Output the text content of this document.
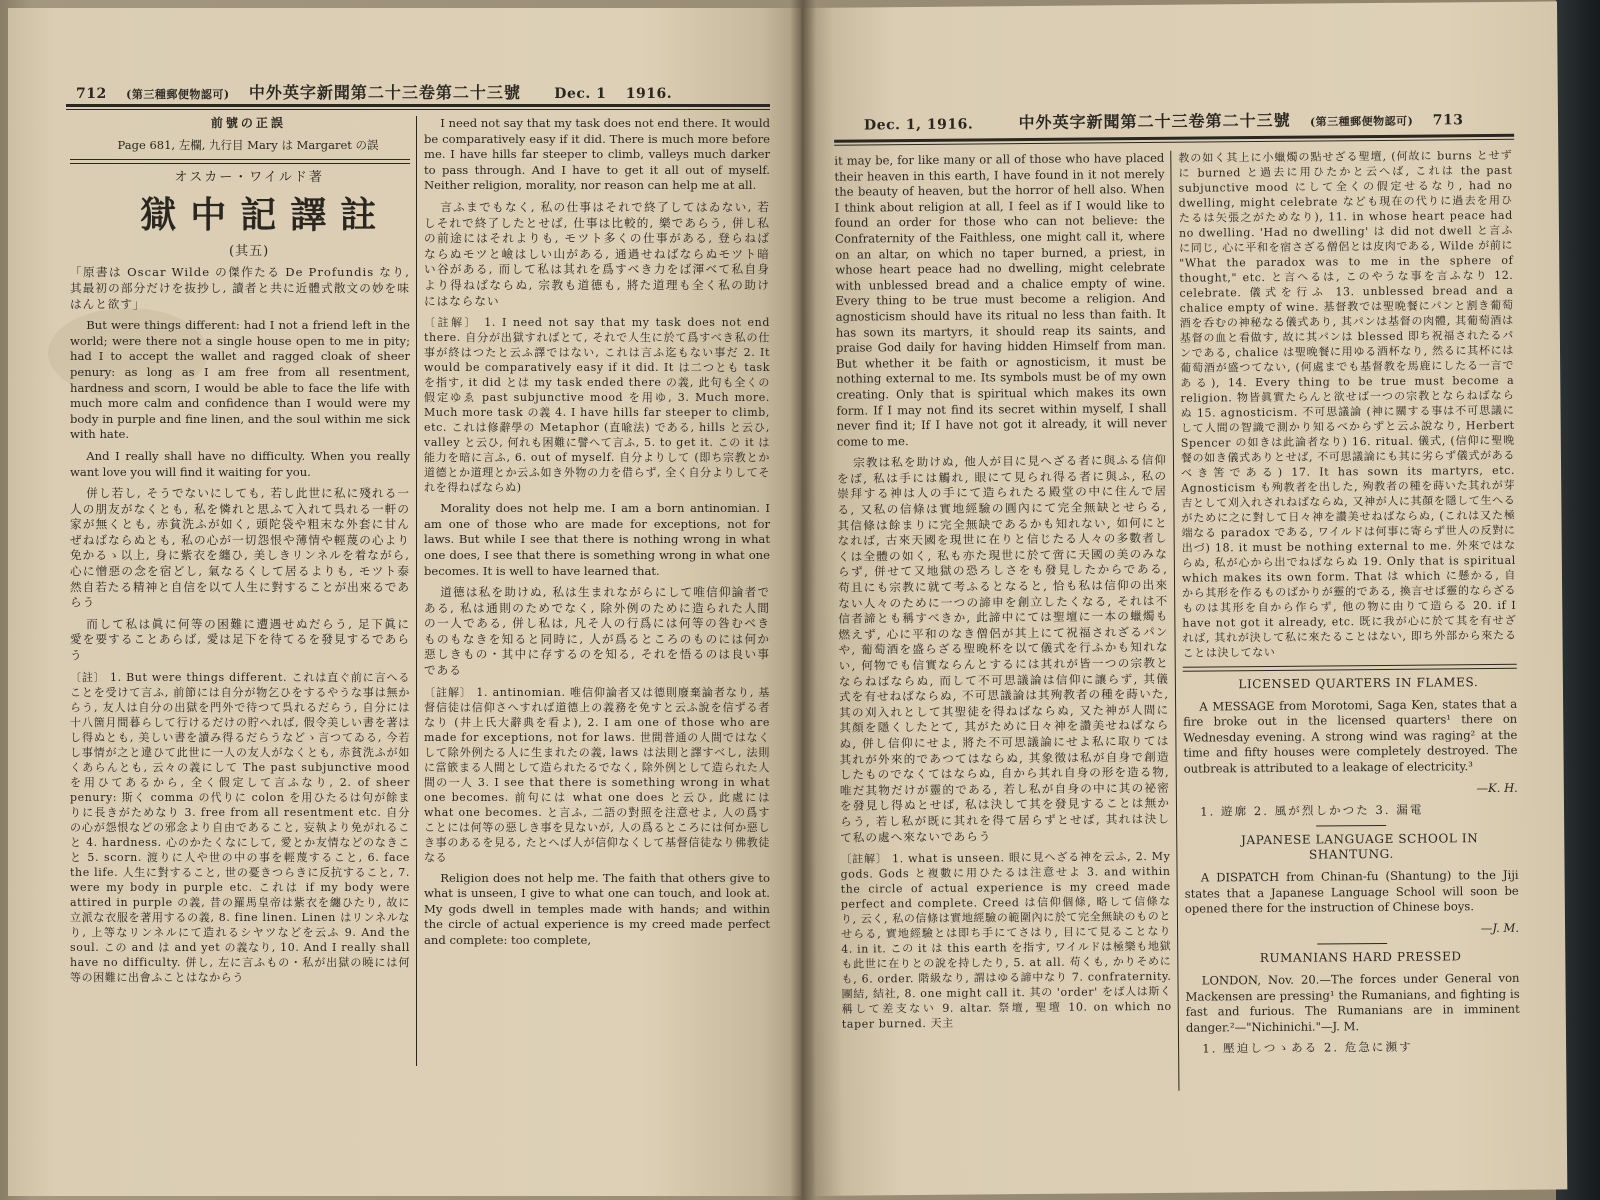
712 (第三種郵便物認可) 中外英字新聞第二十三卷第二十三號 Dec. 1 1916.

前號の正誤

Page 681, 左欄, 九行目 Mary は Margaret の誤

オスカー・ワイルド著

獄中記譯註

(其五)

「原書は Oscar Wilde の傑作たる De Profundis なり, 其最初の部分だけを抜抄し, 讀者と共に近體式散文の妙を味はんと欲す」

But were things different: had I not a friend left in the world; were there not a single house open to me in pity; had I to accept the wallet and ragged cloak of sheer penury: as long as I am free from all resentment, hardness and scorn, I would be able to face the life with much more calm and confidence than I would were my body in purple and fine linen, and the soul within me sick with hate.

And I really shall have no difficulty. When you really want love you will find it waiting for you.

併し若し, そうでないにしても, 若し此世に私に殘れる一人の朋友がなくとも, 私を憐れと思ふて入れて呉れる一軒の家が無くとも, 赤貧洗ふが如く, 頭陀袋や粗末な外套に甘んぜねばならぬとも, 私の心が一切怨恨や薄情や輕蔑の心より免かるゝ以上, 身に紫衣を纏ひ, 美しきリンネルを着ながら, 心に憎惡の念を宿どし, 氣なるくして居るよりも, モツト泰然自若たる精神と自信を以て人生に對することが出來るであらう

而して私は眞に何等の困難に遭遇せぬだらう, 足下眞に愛を要することあらば, 愛は足下を待てるを發見するであらう

〔註〕 1. But were things different. これは直ぐ前に言へることを受けて言ふ, 前節には自分が物乞ひをするやうな事は無からう, 友人は自分の出獄を門外で待つて呉れるだらう, 自分には十八箇月間暮らして行けるだけの貯へれば, 假令美しい書を著はし得ぬとも, 美しい書を讀み得るだらうなどゝ言つてゐる, 今若し事情が之と違ひて此世に一人の友人がなくとも, 赤貧洗ふが如くあらんとも, 云々の義にして The past subjunctive mood を用ひてあるから, 全く假定して言ふなり, 2. of sheer penury: 斯く comma の代りに colon を用ひたるは句が餘まりに長きがためなり 3. free from all resentment etc. 自分の心が怨恨などの邪念より自由であること, 妄執より免がれること 4. hardness. 心のかたくなにして, 愛とか友情などのなきこと 5. scorn. 渡りに人や世の中の事を輕蔑すること, 6. face the life. 人生に對すること, 世の憂きつらきに反抗すること, 7. were my body in purple etc. これは if my body were attired in purple の義, 昔の羅馬皇帝は紫衣を纏ひたり, 故に立派な衣服を著用するの義, 8. fine linen. Linen はリンネルなり, 上等なリンネルにて造れるシヤツなどを云ふ 9. And the soul. この and は and yet の義なり, 10. And I really shall have no difficulty. 併し, 左に言ふもの・私が出獄の曉には何等の困難に出會ふことはなからう

I need not say that my task does not end there. It would be comparatively easy if it did. There is much more before me. I have hills far steeper to climb, valleys much darker to pass through. And I have to get it all out of myself. Neither religion, morality, nor reason can help me at all.

言ふまでもなく, 私の仕事はそれで終了してはゐない, 若しそれで終了したとせば, 仕事は比較的, 樂であらう, 併し私の前途にはそれよりも, モツト多くの仕事がある, 登らねばならぬモツと嶮はしい山がある, 通過せねばならぬモツト暗い谷がある, 而して私は其れを爲すべき力をば渾べて私自身より得ねばならぬ, 宗教も道德も, 將た道理も全く私の助けにはならない

〔註解〕 1. I need not say that my task does not end there. 自分が出獄すればとて, それで人生に於て爲すべき私の仕事が終はつたと云ふ譯ではない, これは言ふ迄もない事だ 2. It would be comparatively easy if it did. It は二つとも task を指す, it did とは my task ended there の義, 此句も全くの假定ゆゑ past subjunctive mood を用ゆ, 3. Much more. Much more task の義 4. I have hills far steeper to climb, etc. これは修辭學の Metaphor (直喩法) である, hills と云ひ, valley と云ひ, 何れも困難に譬へて言ふ, 5. to get it. この it は能力を暗に言ふ, 6. out of myself. 自分よりして (即ち宗教とか道德とか道理とか云ふ如き外物の力を借らず, 全く自分よりしてそれを得ねばならぬ)

Morality does not help me. I am a born antinomian. I am one of those who are made for exceptions, not for laws. But while I see that there is nothing wrong in what one does, I see that there is something wrong in what one becomes. It is well to have learned that.

道德は私を助けぬ, 私は生まれながらにして唯信仰論者である, 私は通則のためでなく, 除外例のために造られた人間の一人である, 併し私は, 凡そ人の行爲には何等の咎むべきものもなきを知ると同時に, 人が爲るところのものには何か惡しきもの・其中に存するのを知る, それを悟るのは良い事である

〔註解〕 1. antinomian. 唯信仰論者又は德則廢棄論者なり, 基督信徒は信仰さへすれば道德上の義務を免すと云ふ說を信ずる者なり (井上氏大辭典を看よ), 2. I am one of those who are made for exceptions, not for laws. 世間普通の人間ではなくして除外例たる人に生まれたの義, laws は法則と譯すべし, 法則に當篏まる人間として造られたるでなく, 除外例として造られた人間の一人 3. I see that there is something wrong in what one becomes. 前句には what one does と云ひ, 此處には what one becomes. と言ふ, 二語の對照を注意せよ, 人の爲すことには何等の惡しき事を見ないが, 人の爲るところには何か惡しき事のあるを見る, たとへば人が信仰なくして基督信徒なり佛教徒なる

Religion does not help me. The faith that others give to what is unseen, I give to what one can touch, and look at. My gods dwell in temples made with hands; and within the circle of actual experience is my creed made perfect and complete: too complete,

Dec. 1, 1916.	中外英字新聞第二十三卷第二十三號 (第三種郵便物認可) 713

it may be, for like many or all of those who have placed their heaven in this earth, I have found in it not merely the beauty of heaven, but the horror of hell also. When I think about religion at all, I feel as if I would like to found an order for those who can not believe: the Confraternity of the Faithless, one might call it, where on an altar, on which no taper burned, a priest, in whose heart peace had no dwelling, might celebrate with unblessed bread and a chalice empty of wine. Every thing to be true must become a religion. And agnosticism should have its ritual no less than faith. It has sown its martyrs, it should reap its saints, and praise God daily for having hidden Himself from man. But whether it be faith or agnosticism, it must be nothing external to me. Its symbols must be of my own creating. Only that is spiritual which makes its own form. If I may not find its secret within myself, I shall never find it; If I have not got it already, it will never come to me.

宗教は私を助けぬ, 他人が目に見へざる者に與ふる信仰をば, 私は手には觸れ, 眼にて見られ得る者に與ふ, 私の崇拜する神は人の手にて造られたる殿堂の中に住んで居る, 又私の信條は實地經驗の圓內にて完全無缺とせらる, 其信條は餘まりに完全無缺であるかも知れない, 如何にとなれば, 古來天國を現世に在りと信じたる人々の多數者しくは全體の如く, 私も亦た現世に於て啻に天國の美のみならず, 併せて又地獄の恐ろしさをも發見したからである, 苟且にも宗教に就て考ふるとなると, 恰も私は信仰の出來ない人々のために一つの諦申を創立したくなる, それは不信者諦とも稱すべきか, 此諦中にては聖壇に一本の蠟燭も燃えず, 心に平和のなき僧侶が其上にて祝福されざるパンや, 葡萄酒を盛らざる聖晚杯を以て儀式を行ふかも知れない, 何物でも信實ならんとするには其れが皆一つの宗教とならねばならぬ, 而して不可思議論は信仰に讓らず, 其儀式を有せねばならぬ, 不可思議論は其殉教者の種を蒔いた, 其の刈入れとして其聖徒を得ねばならぬ, 又た神が人間に其顏を隱くしたとて, 其がために日々神を讚美せねばならぬ, 併し信仰にせよ, 將た不可思議論にせよ私に取りては其れが外來的であつてはならぬ, 其象徵は私が自身で創造したものでなくてはならぬ, 自から其れ自身の形を造る物, 唯だ其物だけが靈的である, 若し私が自身の中に其の祕密を發見し得ぬとせば, 私は決して其を發見することは無からう, 若し私が既に其れを得て居らずとせば, 其れは決して私の處へ來ないであらう

〔註解〕 1. what is unseen. 眼に見へざる神を云ふ, 2. My gods. Gods と複數に用ひたるは注意せよ 3. and within the circle of actual experience is my creed made perfect and complete. Creed は信仰個條, 略して信條なり, 云く, 私の信條は實地經驗の範圍內に於て完全無缺のものとせらる, 實地經驗とは即ち手にてさはり, 目にて見ることなり 4. in it. この it は this earth を指す, ワイルドは極樂も地獄も此世に在りとの說を持したり, 5. at all. 苟くも, かりそめにも, 6. order. 階級なり, 謂はゆる諦中なり 7. confraternity. 團結, 結社, 8. one might call it. 其の 'order' をば人は斯く稱して差支ない 9. altar. 祭壇, 聖壇 10. on which no taper burned. 天主

教の如く其上に小蠟燭の點せざる聖壇, (何故に burns とせずに burned と過去に用ひたかと云へば, これは the past subjunctive mood にして全くの假定せるなり, had no dwelling, might celebrate なども現在の代りに過去を用ひたるは矢張之がためなり), 11. in whose heart peace had no dwelling. 'Had no dwelling' は did not dwell と言ふに同じ, 心に平和を宿さざる僧侶とは皮肉である, Wilde が前に "What the paradox was to me in the sphere of thought," etc. と言へるは, このやうな事を言ふなり 12. celebrate. 儀式を行ふ 13. unblessed bread and a chalice empty of wine. 基督教では聖晩餐にパンと割き葡萄酒を呑むの神秘なる儀式あり, 其パンは基督の肉體, 其葡萄酒は基督の血と看做す, 故に其パンは blessed 即ち祝福されたるパンである, chalice は聖晚餐に用ゆる酒杯なり, 然るに其杯には葡萄酒が盛つてない, (何處までも基督教を馬鹿にしたる一言である), 14. Every thing to be true must become a religion. 物皆眞實たらんと欲せば一つの宗教とならねばならぬ 15. agnosticism. 不可思議論 (神に關する事は不可思議にして人間の智識で測かり知るべからずと云ふ說なり, Herbert Spencer の如きは此論者なり) 16. ritual. 儀式, (信仰に聖晚餐の如き儀式ありとせば, 不可思議論にも其に劣らず儀式があるべき筈である) 17. It has sown its martyrs, etc. Agnosticism も殉教者を出した, 殉教者の種を蒔いた其れが芽吉として刈入れされねばならぬ, 又神が人に其顏を隱して生へるがために之に對して日々神を讚美せねばならぬ, (これは又た極端なる paradox である, ワイルドは何事に寄らず世人の反對に出づ) 18. it must be nothing external to me. 外來ではならぬ, 私が心から出でねばならぬ 19. Only that is spiritual which makes its own form. That は which に懸かる, 自から其形を作るものばかりが靈的である, 換言せば靈的ならざるものは其形を自から作らず, 他の物に由りて造らる 20. if I have not got it already, etc. 既に我が心に於て其を有せざれば, 其れが決して私に來たることはない, 即ち外部から來たることは決してない

LICENSED QUARTERS IN FLAMES.

A MESSAGE from Morotomi, Saga Ken, states that a fire broke out in the licensed quarters¹ there on Wednesday evening. A strong wind was raging² at the time and fifty houses were completely destroyed. The outbreak is attributed to a leakage of electricity.³

—K. H.

1. 遊廓 2. 風が烈しかつた 3. 漏電

JAPANESE LANGUAGE SCHOOL IN SHANTUNG.

A DISPATCH from Chinan-fu (Shantung) to the Jiji states that a Japanese Language School will soon be opened there for the instruction of Chinese boys.

—J. M.

RUMANIANS HARD PRESSED

LONDON, Nov. 20.—The forces under General von Mackensen are pressing¹ the Rumanians, and fighting is fast and furious. The Rumanians are in imminent danger.²—"Nichinichi."—J. M.

1. 壓迫しつゝある 2. 危急に瀕す
